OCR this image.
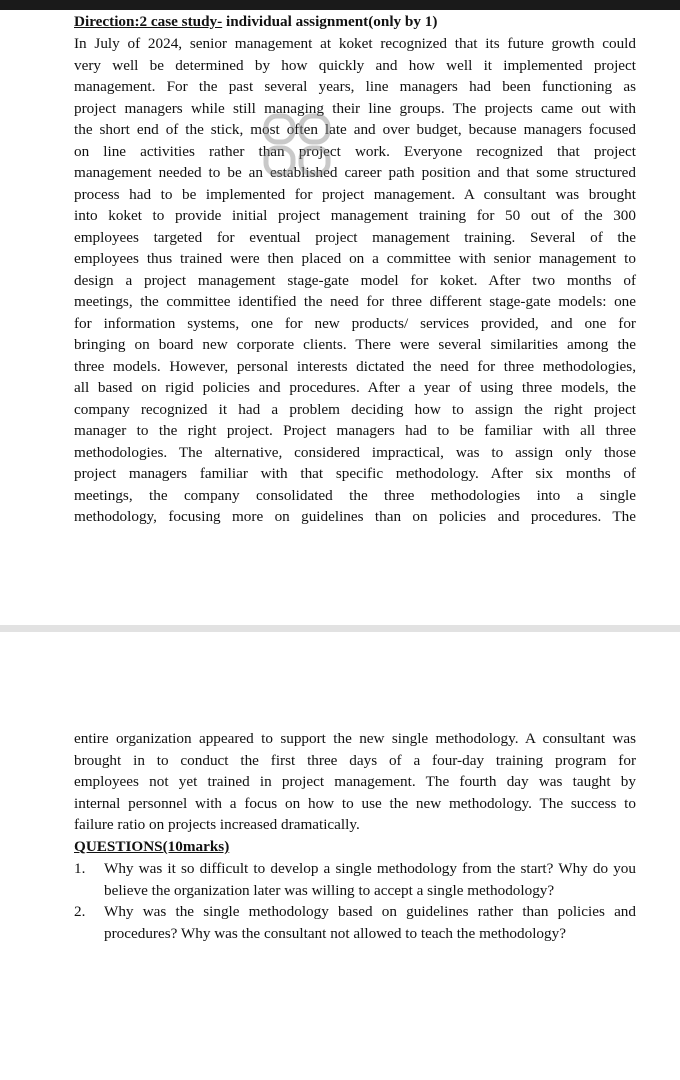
Direction:2 case study- individual assignment(only by 1)
In July of 2024, senior management at koket recognized that its future growth could
very well be determined by how quickly and how well it implemented project
management. For the past several years, line managers had been functioning as
project managers while still managing their line groups. The projects came out with
the short end of the stick, most often late and over budget, because managers focused
on line activities rather than project work. Everyone recognized that project
management needed to be an established career path position and that some structured
process had to be implemented for project management. A consultant was brought
into koket to provide initial project management training for 50 out of the 300
employees targeted for eventual project management training. Several of the
employees thus trained were then placed on a committee with senior management to
design a project management stage-gate model for koket. After two months of
meetings, the committee identified the need for three different stage-gate models: one
for information systems, one for new products/ services provided, and one for
bringing on board new corporate clients. There were several similarities among the
three models. However, personal interests dictated the need for three methodologies,
all based on rigid policies and procedures. After a year of using three models, the
company recognized it had a problem deciding how to assign the right project
manager to the right project. Project managers had to be familiar with all three
methodologies. The alternative, considered impractical, was to assign only those
project managers familiar with that specific methodology. After six months of
meetings, the company consolidated the three methodologies into a single
methodology, focusing more on guidelines than on policies and procedures. The
entire organization appeared to support the new single methodology. A consultant was
brought in to conduct the first three days of a four-day training program for
employees not yet trained in project management. The fourth day was taught by
internal personnel with a focus on how to use the new methodology. The success to
failure ratio on projects increased dramatically.
QUESTIONS(10marks)
1. Why was it so difficult to develop a single methodology from the start? Why do you believe the organization later was willing to accept a single methodology?
2. Why was the single methodology based on guidelines rather than policies and procedures? Why was the consultant not allowed to teach the methodology?
